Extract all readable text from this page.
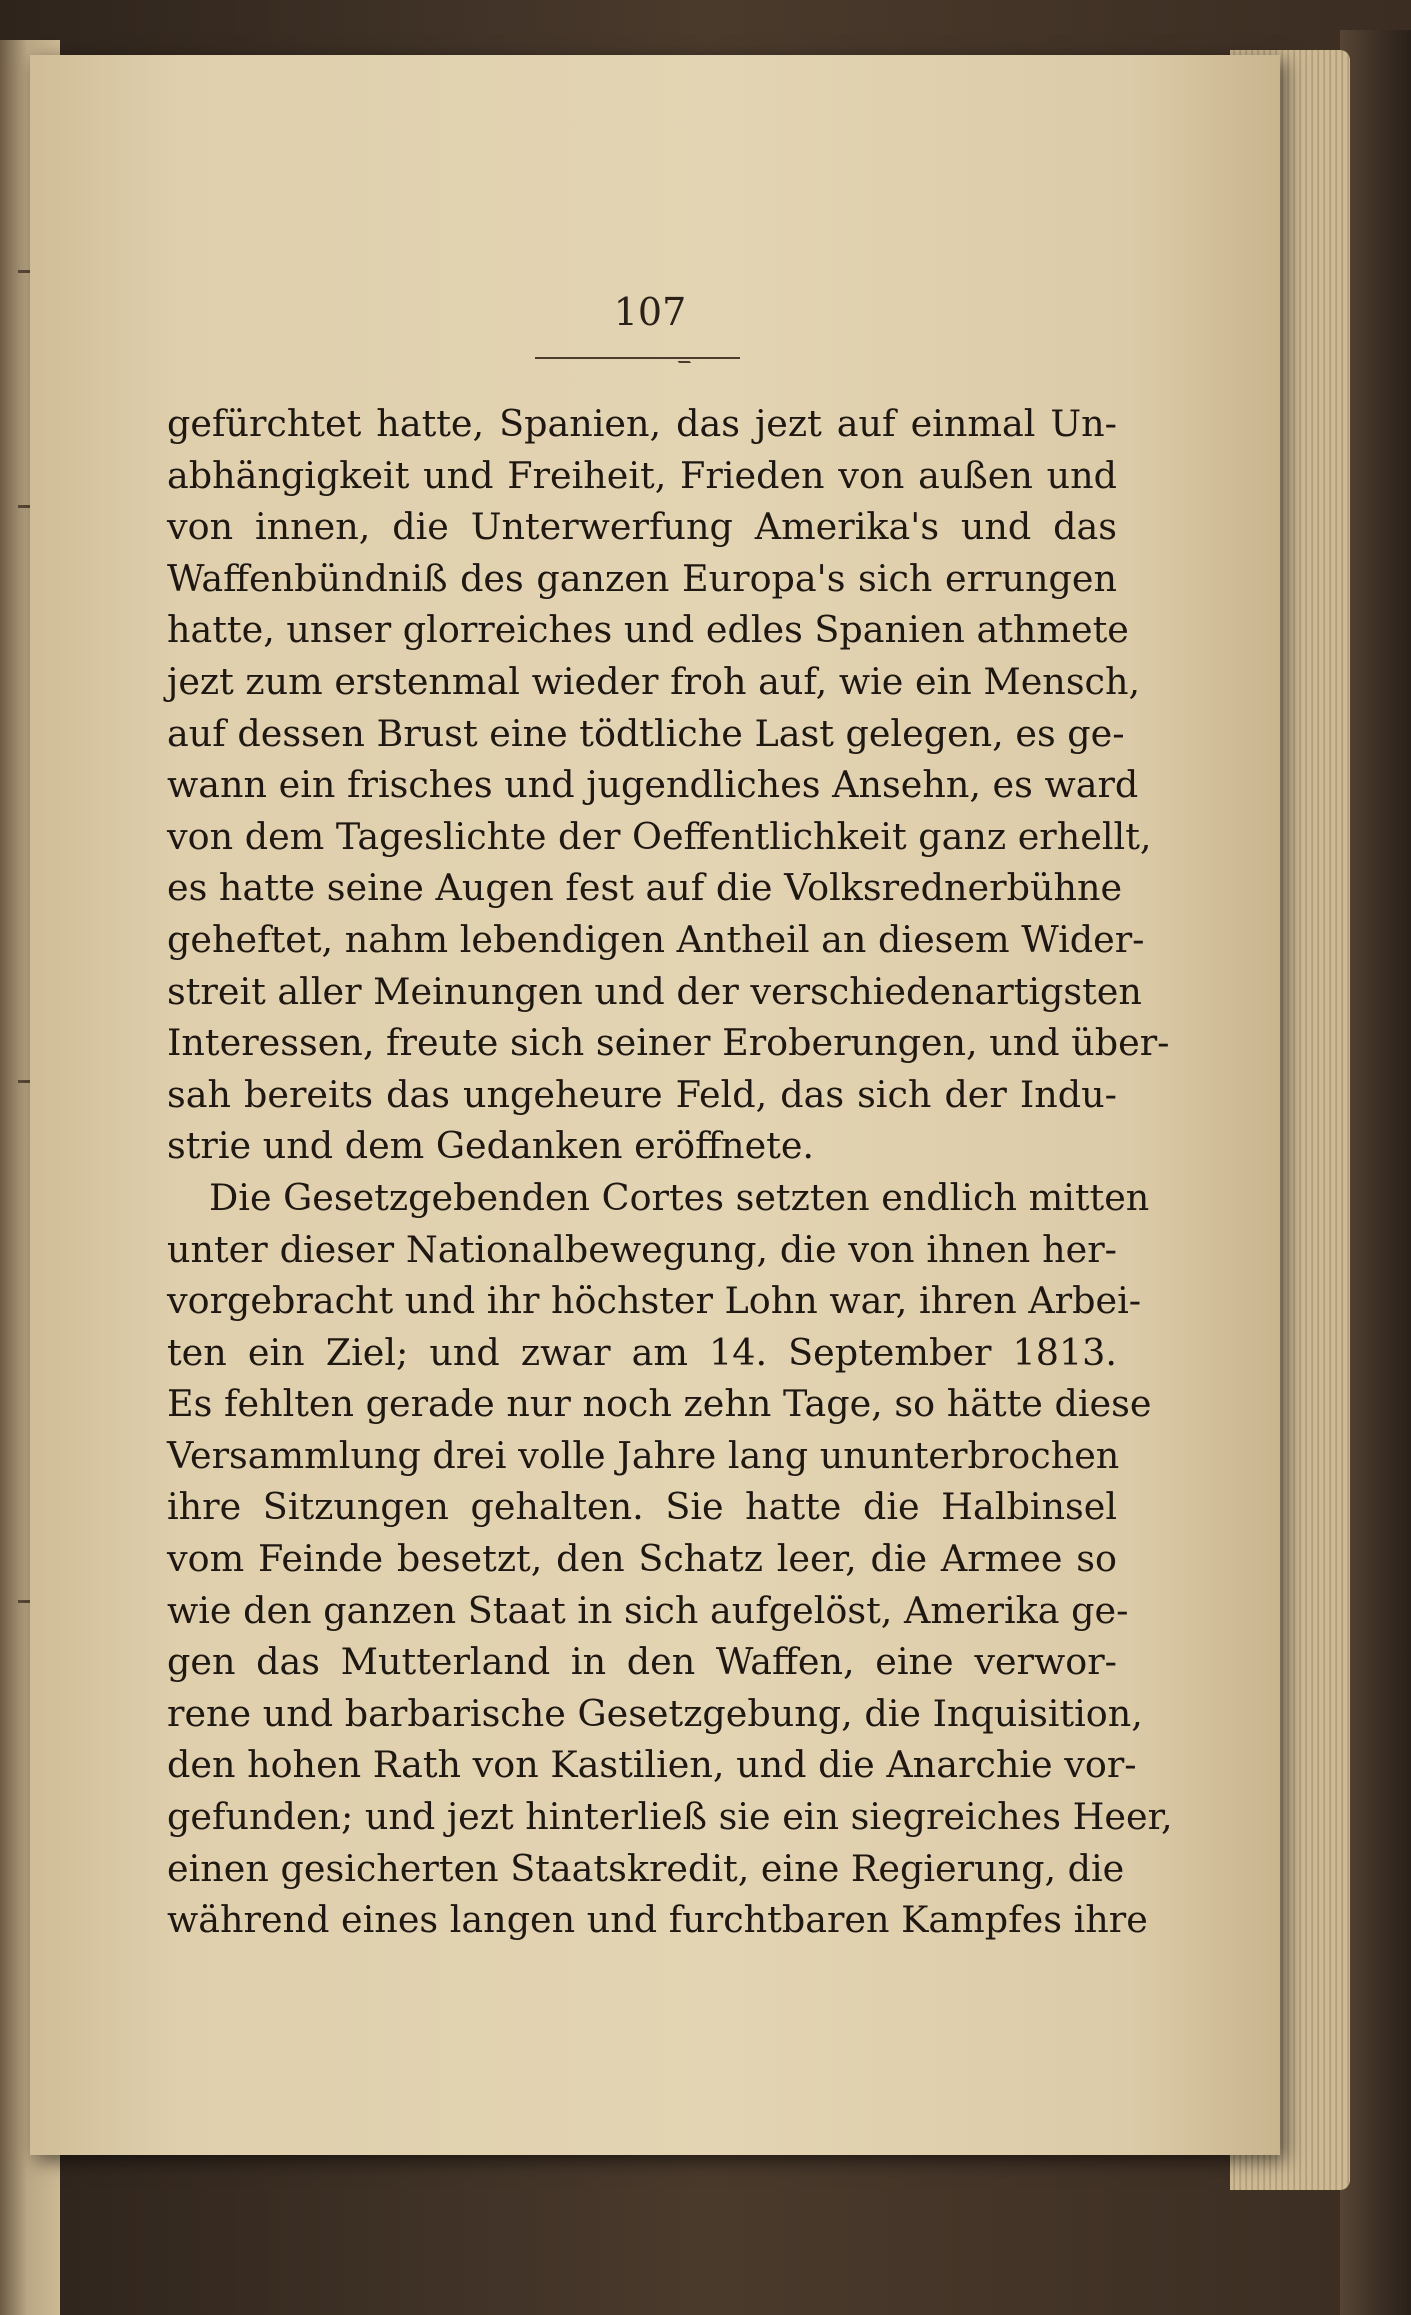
107
gefürchtet hatte, Spanien, das jezt auf einmal Un-
abhängigkeit und Freiheit, Frieden von außen und
von innen, die Unterwerfung Amerika's und das
Waffenbündniß des ganzen Europa's sich errungen
hatte, unser glorreiches und edles Spanien athmete
jezt zum erstenmal wieder froh auf, wie ein Mensch,
auf dessen Brust eine tödtliche Last gelegen, es ge-
wann ein frisches und jugendliches Ansehn, es ward
von dem Tageslichte der Oeffentlichkeit ganz erhellt,
es hatte seine Augen fest auf die Volksrednerbühne
geheftet, nahm lebendigen Antheil an diesem Wider-
streit aller Meinungen und der verschiedenartigsten
Interessen, freute sich seiner Eroberungen, und über-
sah bereits das ungeheure Feld, das sich der Indu-
strie und dem Gedanken eröffnete.
Die Gesetzgebenden Cortes setzten endlich mitten
unter dieser Nationalbewegung, die von ihnen her-
vorgebracht und ihr höchster Lohn war, ihren Arbei-
ten ein Ziel; und zwar am 14. September 1813.
Es fehlten gerade nur noch zehn Tage, so hätte diese
Versammlung drei volle Jahre lang ununterbrochen
ihre Sitzungen gehalten. Sie hatte die Halbinsel
vom Feinde besetzt, den Schatz leer, die Armee so
wie den ganzen Staat in sich aufgelöst, Amerika ge-
gen das Mutterland in den Waffen, eine verwor-
rene und barbarische Gesetzgebung, die Inquisition,
den hohen Rath von Kastilien, und die Anarchie vor-
gefunden; und jezt hinterließ sie ein siegreiches Heer,
einen gesicherten Staatskredit, eine Regierung, die
während eines langen und furchtbaren Kampfes ihre
